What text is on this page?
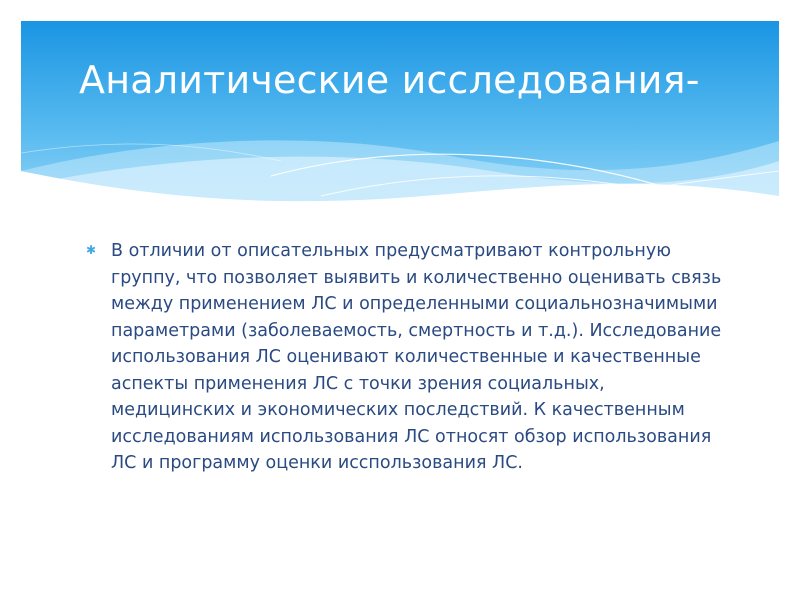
Аналитические исследования-
✱ В отличии от описательных предусматривают контрольную группу, что позволяет выявить и количественно оценивать связь между применением ЛС и определенными социальнозначимыми параметрами (заболеваемость, смертность и т.д.). Исследование использования ЛС оценивают количественные и качественные аспекты применения ЛС с точки зрения социальных, медицинских и экономических последствий. К качественным исследованиям использования ЛС относят обзор использования ЛС и программу оценки исспользования ЛС.
